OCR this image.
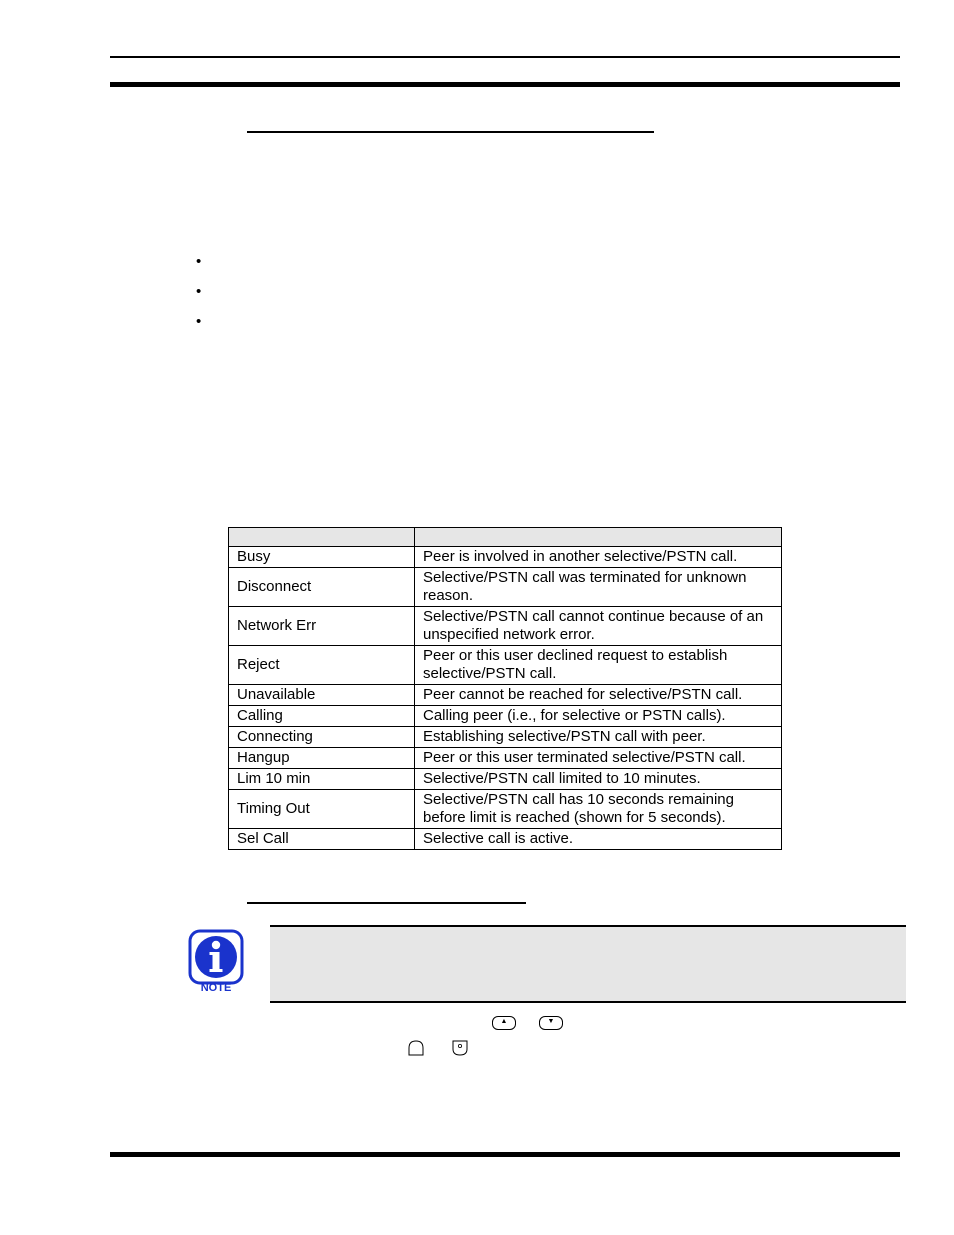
•
•
•

Busy	Peer is involved in another selective/PSTN call.
Disconnect	Selective/PSTN call was terminated for unknown reason.
Network Err	Selective/PSTN call cannot continue because of an unspecified network error.
Reject	Peer or this user declined request to establish selective/PSTN call.
Unavailable	Peer cannot be reached for selective/PSTN call.
Calling	Calling peer (i.e., for selective or PSTN calls).
Connecting	Establishing selective/PSTN call with peer.
Hangup	Peer or this user terminated selective/PSTN call.
Lim 10 min	Selective/PSTN call limited to 10 minutes.
Timing Out	Selective/PSTN call has 10 seconds remaining before limit is reached (shown for 5 seconds).
Sel Call	Selective call is active.
NOTE
▲	▼
